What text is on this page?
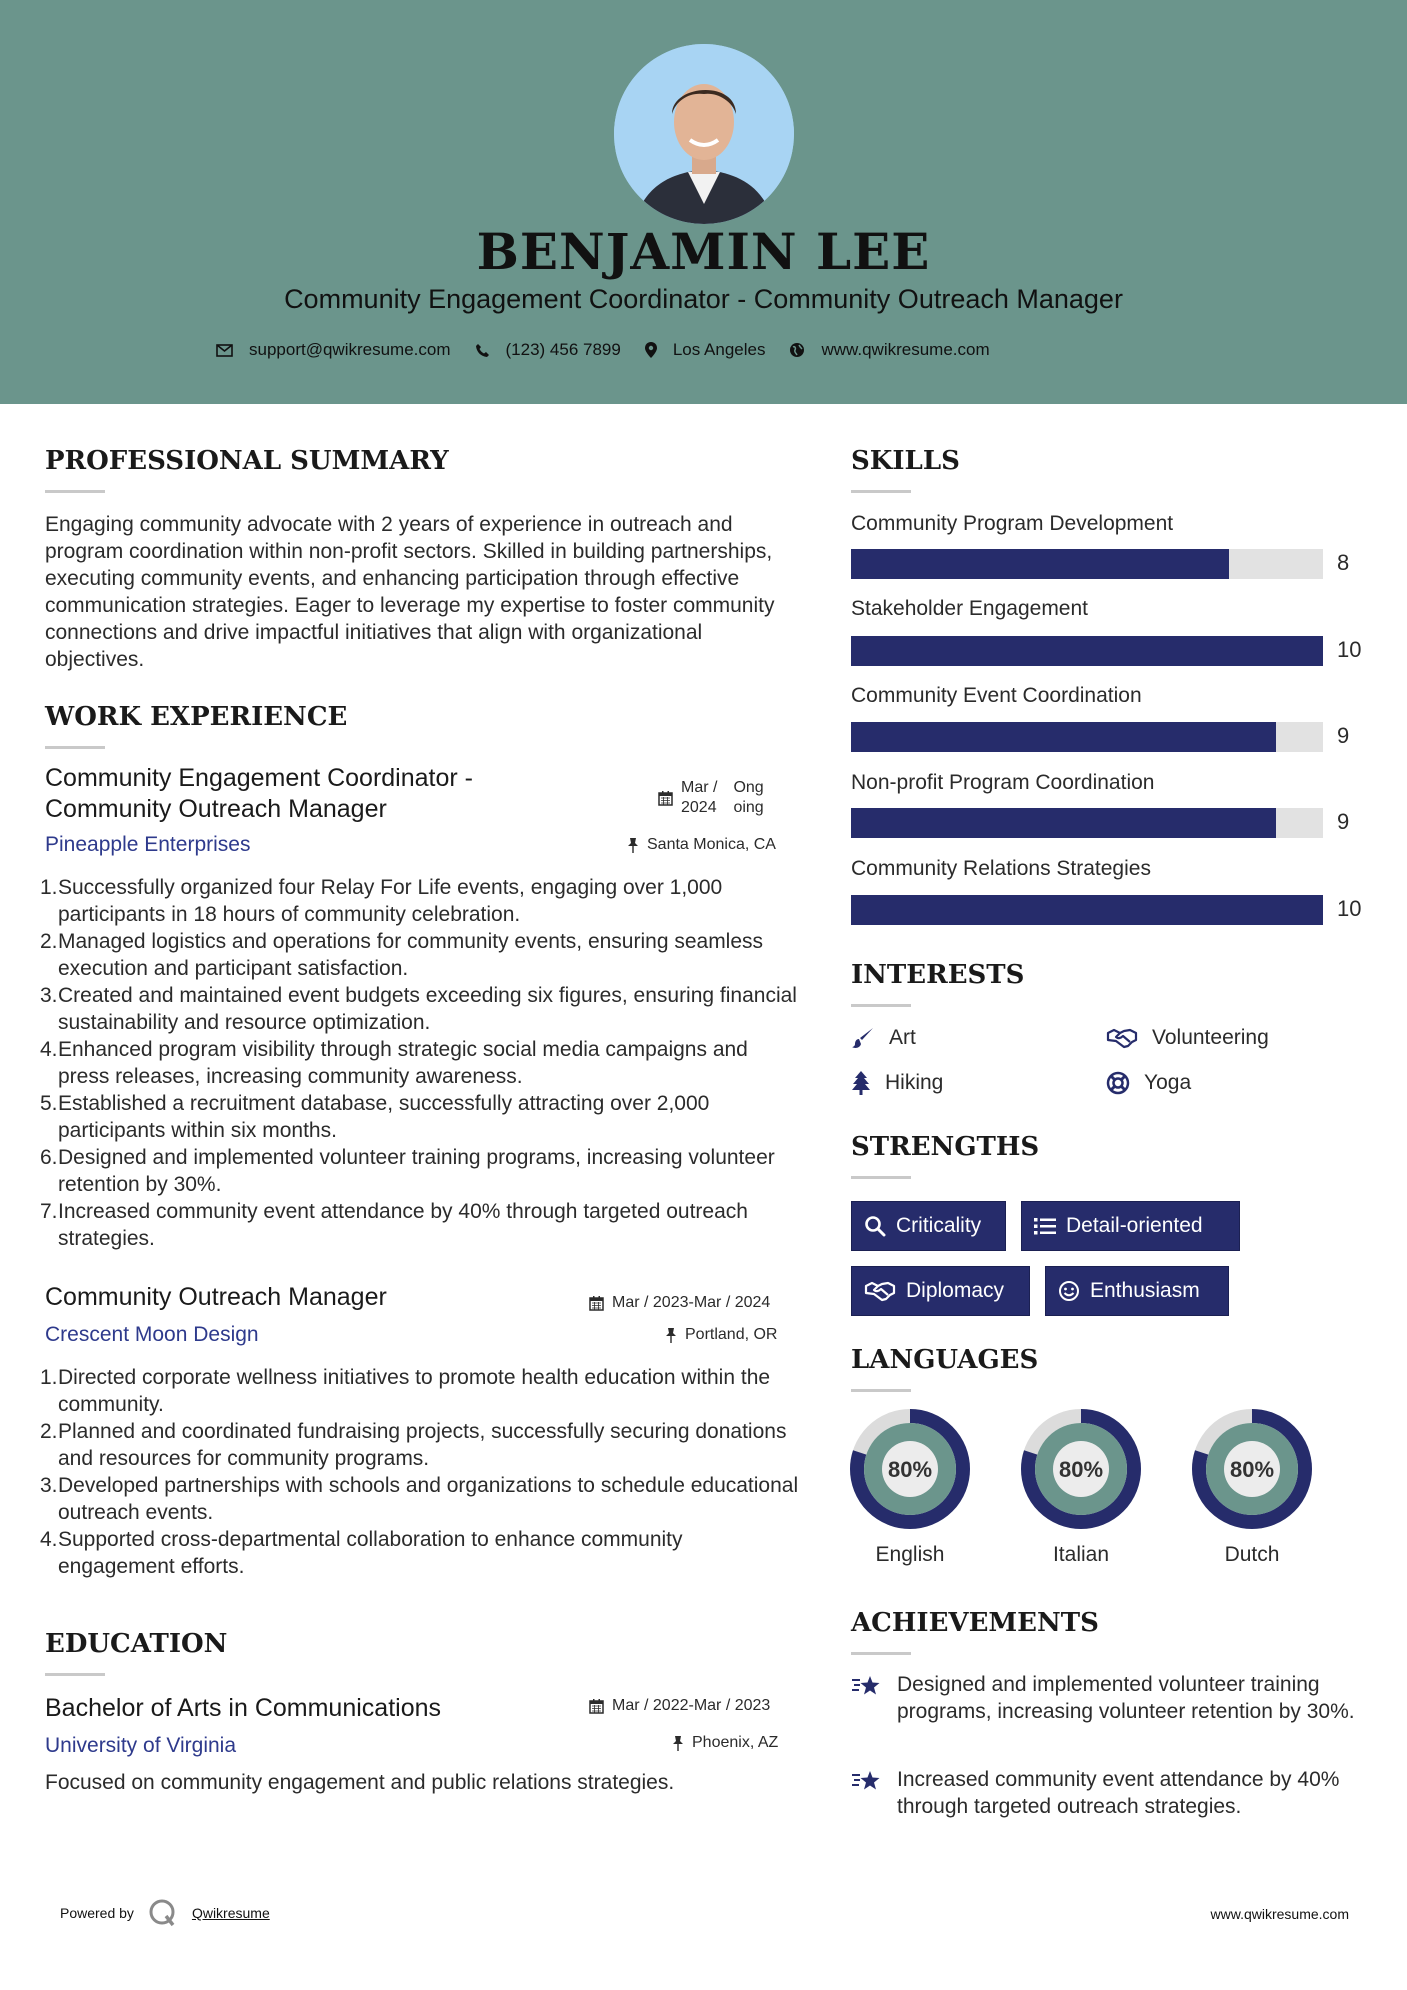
BENJAMIN LEE
Community Engagement Coordinator - Community Outreach Manager
support@qwikresume.com	(123) 456 7899	Los Angeles	www.qwikresume.com
PROFESSIONAL SUMMARY
Engaging community advocate with 2 years of experience in outreach and program coordination within non-profit sectors. Skilled in building partnerships, executing community events, and enhancing participation through effective communication strategies. Eager to leverage my expertise to foster community connections and drive impactful initiatives that align with organizational objectives.
WORK EXPERIENCE
Community Engagement Coordinator -
Community Outreach Manager
Mar /
2024
Ong
oing
Pineapple Enterprises	Santa Monica, CA
1. Successfully organized four Relay For Life events, engaging over 1,000 participants in 18 hours of community celebration.
2. Managed logistics and operations for community events, ensuring seamless execution and participant satisfaction.
3. Created and maintained event budgets exceeding six figures, ensuring financial sustainability and resource optimization.
4. Enhanced program visibility through strategic social media campaigns and press releases, increasing community awareness.
5. Established a recruitment database, successfully attracting over 2,000 participants within six months.
6. Designed and implemented volunteer training programs, increasing volunteer retention by 30%.
7. Increased community event attendance by 40% through targeted outreach strategies.
Community Outreach Manager	Mar / 2023-Mar / 2024
Crescent Moon Design	Portland, OR
1. Directed corporate wellness initiatives to promote health education within the community.
2. Planned and coordinated fundraising projects, successfully securing donations and resources for community programs.
3. Developed partnerships with schools and organizations to schedule educational outreach events.
4. Supported cross-departmental collaboration to enhance community engagement efforts.
EDUCATION
Bachelor of Arts in Communications	Mar / 2022-Mar / 2023
University of Virginia	Phoenix, AZ
Focused on community engagement and public relations strategies.
SKILLS
Community Program Development
8
Stakeholder Engagement
10
Community Event Coordination
9
Non-profit Program Coordination
9
Community Relations Strategies
10
INTERESTS
Art	Volunteering
Hiking	Yoga
STRENGTHS
Criticality	Detail-oriented
Diplomacy	Enthusiasm
LANGUAGES
80%
English
80%
Italian
80%
Dutch
ACHIEVEMENTS
Designed and implemented volunteer training programs, increasing volunteer retention by 30%.
Increased community event attendance by 40% through targeted outreach strategies.
Powered by	Qwikresume	www.qwikresume.com
